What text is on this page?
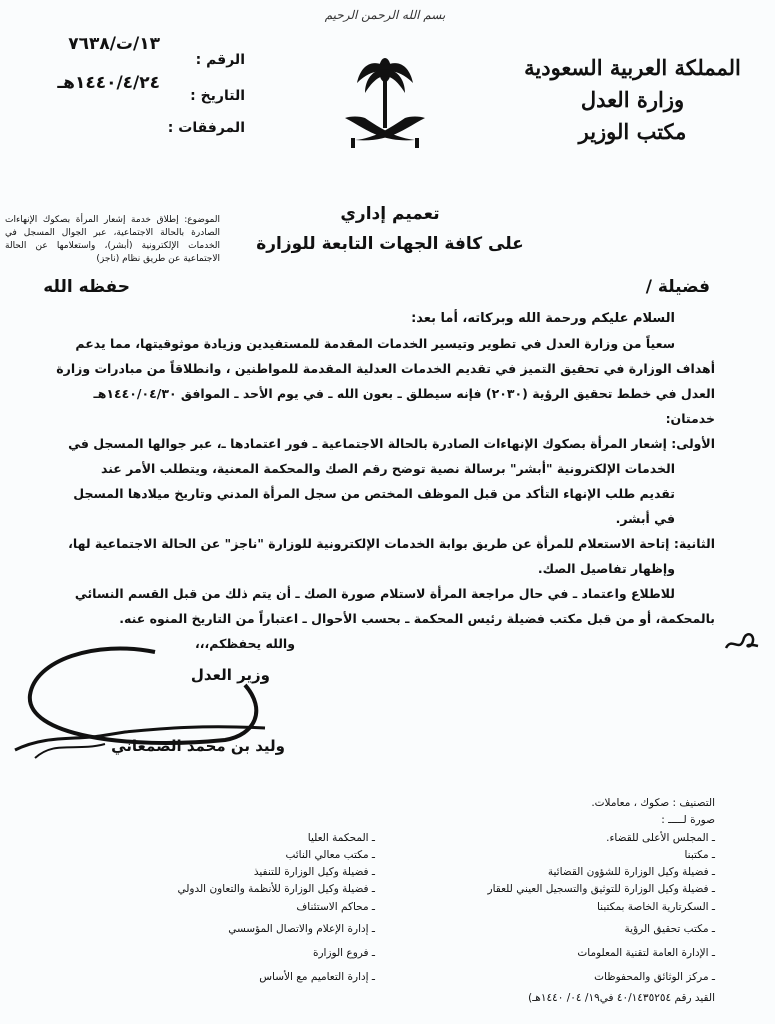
بسم الله الرحمن الرحيم
المملكة العربية السعودية
وزارة العدل
مكتب الوزير
الرقم :
التاريخ :
المرفقات :
١٣/ت/٧٦٣٨
١٤٤٠/٤/٢٤هـ
الموضوع: إطلاق خدمة إشعار المرأة بصكوك الإنهاءات الصادرة بالحالة الاجتماعية، عبر الجوال المسجل في الخدمات الإلكترونية (أبشر)، واستعلامها عن الحالة الاجتماعية عن طريق نظام (ناجز)
تعميم إداري
على كافة الجهات التابعة للوزارة
فضيلة /
حفظه الله

السلام عليكم ورحمة الله وبركاته، أما بعد:

سعياً من وزارة العدل في تطوير وتيسير الخدمات المقدمة للمستفيدين وزيادة موثوقيتها، مما يدعم

أهداف الوزارة في تحقيق التميز في تقديم الخدمات العدلية المقدمة للمواطنين ، وانطلاقاً من مبادرات وزارة

العدل في خطط تحقيق الرؤية (٢٠٣٠) فإنه سيطلق ـ بعون الله ـ في يوم الأحد ـ الموافق ١٤٤٠/٠٤/٣٠هـ

خدمتان:

الأولى: إشعار المرأة بصكوك الإنهاءات الصادرة بالحالة الاجتماعية ـ فور اعتمادها ـ، عبر جوالها المسجل في

الخدمات الإلكترونية "أبشر" برسالة نصية توضح رقم الصك والمحكمة المعنية، ويتطلب الأمر عند

تقديم طلب الإنهاء التأكد من قبل الموظف المختص من سجل المرأة المدني وتاريخ ميلادها المسجل

في أبشر.

الثانية: إتاحة الاستعلام للمرأة عن طريق بوابة الخدمات الإلكترونية للوزارة "ناجز" عن الحالة الاجتماعية لها،

وإظهار تفاصيل الصك.

للاطلاع واعتماد ـ في حال مراجعة المرأة لاستلام صورة الصك ـ أن يتم ذلك من قبل القسم النسائي

بالمحكمة، أو من قبل مكتب فضيلة رئيس المحكمة ـ بحسب الأحوال ـ اعتباراً من التاريخ المنوه عنه.

والله يحفظكم،،،

وزير العدل
وليد بن محمد الصمعاني
التصنيف : صكوك ، معاملات.
صورة لـــــ :
ـ المجلس الأعلى للقضاء.
ـ مكتبنا
ـ فضيلة وكيل الوزارة للشؤون القضائية
ـ فضيلة وكيل الوزارة للتوثيق والتسجيل العيني للعقار
ـ السكرتارية الخاصة بمكتبنا
ـ مكتب تحقيق الرؤية
ـ الإدارة العامة لتقنية المعلومات
ـ مركز الوثائق والمحفوظات
ـ المحكمة العليا
ـ مكتب معالي النائب
ـ فضيلة وكيل الوزارة للتنفيذ
ـ فضيلة وكيل الوزارة للأنظمة والتعاون الدولي
ـ محاكم الاستئناف
ـ إدارة الإعلام والاتصال المؤسسي
ـ فروع الوزارة
ـ إدارة التعاميم مع الأساس
القيد رقم ٤٠/١٤٣٥٢٥٤ في١٩/ ٠٤/ ١٤٤٠هـ)
